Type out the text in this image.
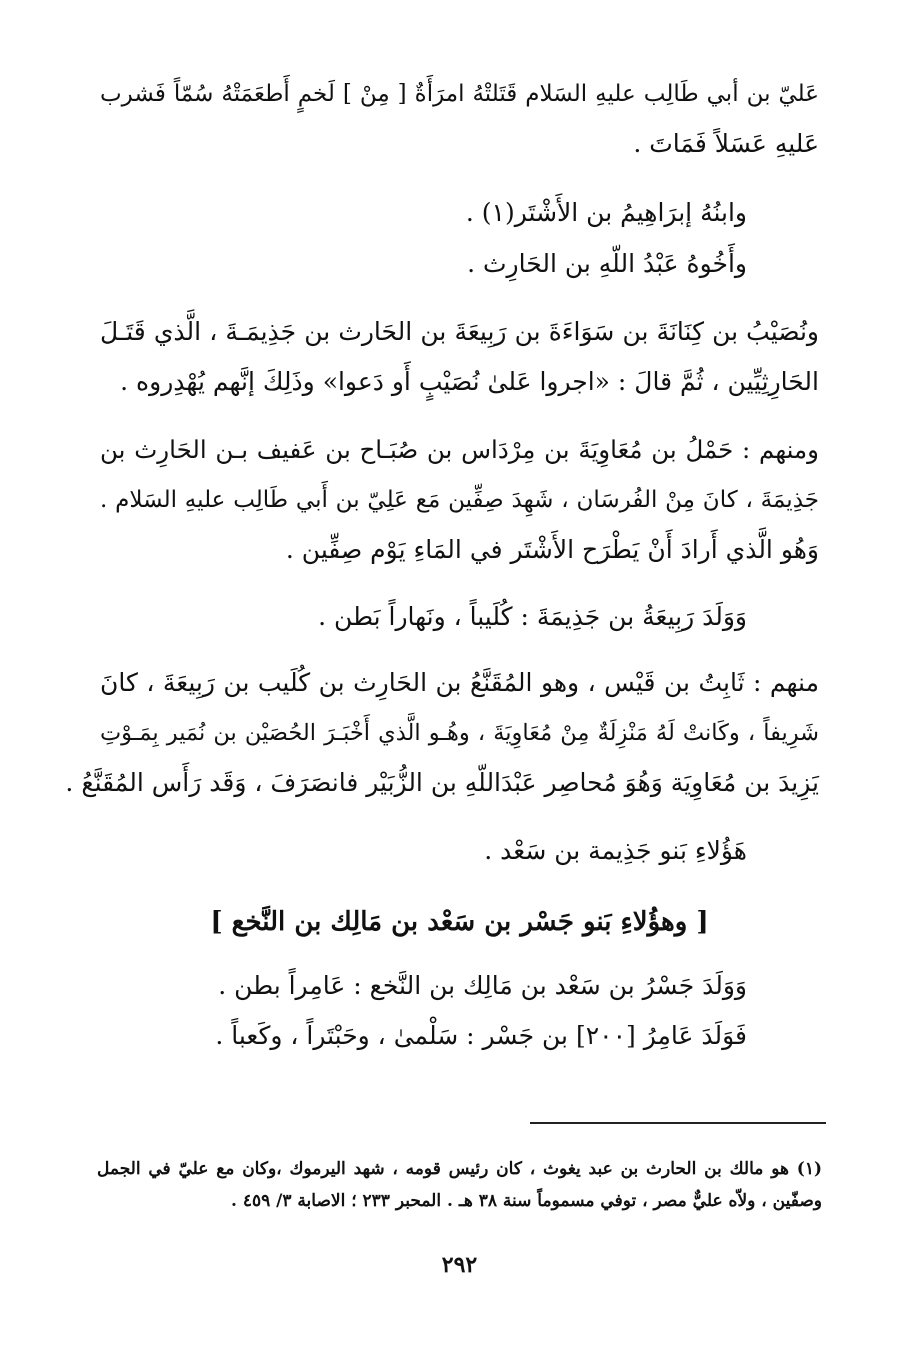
عَليّ بن أبي طَالِب عليهِ السَلام قَتَلتْهُ امرَأَةٌ [ مِنْ ] لَخمٍ أَطعَمَتْهُ سُمّاً فَشرب
عَليهِ عَسَلاً فَمَاتَ .
وابنُهُ إبرَاهِيمُ بن الأَشْتَر(١) .
وأَخُوهُ عَبْدُ اللّهِ بن الحَارِث .
ونُصَيْبُ بن كِنَانَةَ بن سَوَاءَةَ بن رَبِيعَةَ بن الحَارث بن جَذِيمَـةَ ، الَّذي قَتَـلَ
الحَارِثِيِّين ، ثُمَّ قالَ : «اجروا عَلىٰ نُصَيْبٍ أَو دَعوا» وذَلِكَ إنَّهم يُهْدِروه .
ومنهم : حَمْلُ بن مُعَاوِيَةَ بن مِرْدَاس بن صُبَـاح بن عَفيف بـن الحَارِث بن
جَذِيمَةَ ، كانَ مِنْ الفُرسَان ، شَهِدَ صِفِّين مَع عَلِيّ بن أَبي طَالِب عليهِ السَلام .
وَهُو الَّذي أَرادَ أَنْ يَطْرَح الأَشْتَر في المَاءِ يَوْم صِفِّين .
وَوَلَدَ رَبِيعَةُ بن جَذِيمَةَ : كُلَيباً ، ونَهاراً بَطن .
منهم : ثَابِتُ بن قَيْس ، وهو المُقَنَّعُ بن الحَارِث بن كُلَيب بن رَبِيعَةَ ، كانَ
شَرِيفاً ، وكَانتْ لَهُ مَنْزِلَةٌ مِنْ مُعَاوِيَةَ ، وهُـو الَّذي أَخْبَـرَ الحُصَيْن بن نُمَير بِمَـوْتِ
يَزِيدَ بن مُعَاوِيَة وَهُوَ مُحاصِر عَبْدَاللّهِ بن الزُّبَيْر فانصَرَفَ ، وَقَد رَأَس المُقَنَّعُ .
هَؤُلاءِ بَنو جَذِيمة بن سَعْد .
[ وهؤُلاءِ بَنو جَسْر بن سَعْد بن مَالِك بن النَّخع ]
وَوَلَدَ جَسْرُ بن سَعْد بن مَالِك بن النَّخع : عَامِراً بطن .
فَوَلَدَ عَامِرُ [٢٠٠] بن جَسْر : سَلْمىٰ ، وحَبْتَراً ، وكَعباً .
(١) هو مالك بن الحارث بن عبد يغوث ، كان رئيس قومه ، شهد اليرموك ،وكان مع عليّ في الجمل
وصفّين ، ولاّه عليٌّ مصر ، توفي مسموماً سنة ٣٨ هـ . المحبر ٢٣٣ ؛ الاصابة ٣/ ٤٥٩ .
٢٩٢
